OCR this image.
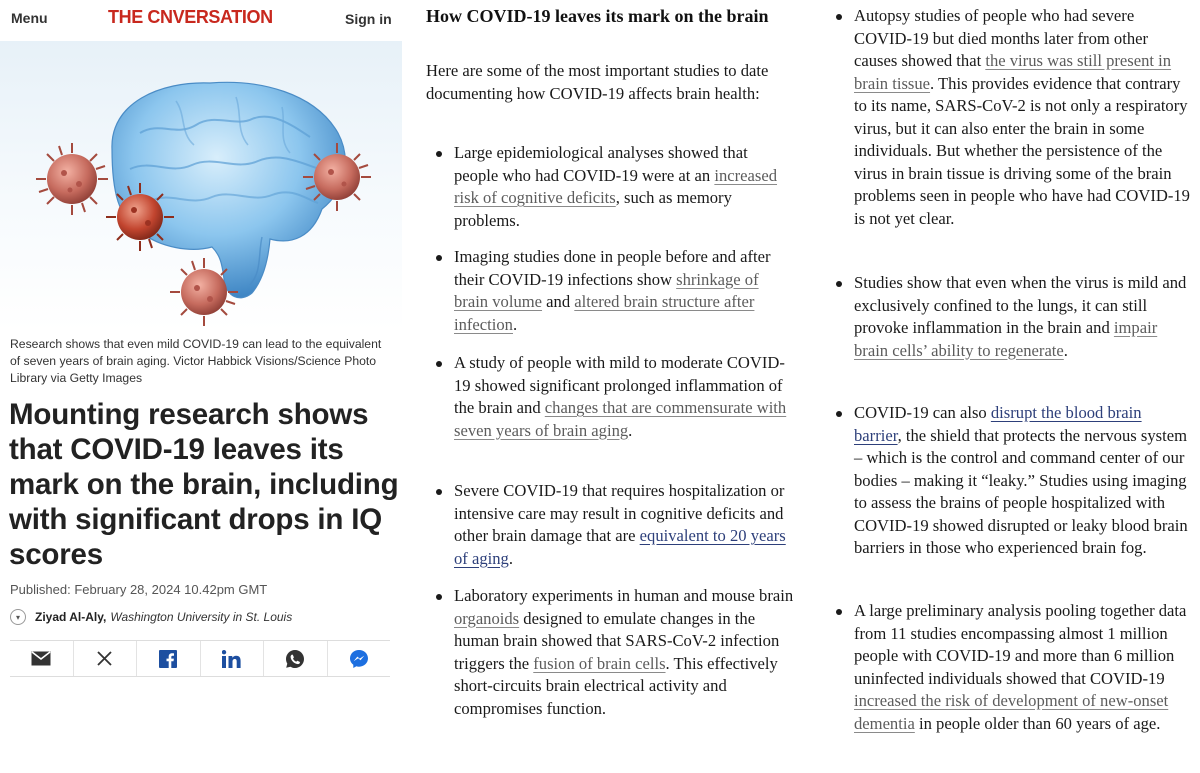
Menu	THE C NVERSATION	Sign in

Research shows that even mild COVID-19 can lead to the equivalent of seven years of brain aging. Victor Habbick Visions/Science Photo Library via Getty Images

Mounting research shows that COVID-19 leaves its mark on the brain, including with significant drops in IQ scores
Published: February 28, 2024 10.42pm GMT
▾	Ziyad Al-Aly, Washington University in St. Louis
How COVID-19 leaves its mark on the brain

Here are some of the most important studies to date documenting how COVID-19 affects brain health:

Large epidemiological analyses showed that people who had COVID-19 were at an increased risk of cognitive deficits, such as memory problems.
Imaging studies done in people before and after their COVID-19 infections show shrinkage of brain volume and altered brain structure after infection.
A study of people with mild to moderate COVID-19 showed significant prolonged inflammation of the brain and changes that are commensurate with seven years of brain aging.
Severe COVID-19 that requires hospitalization or intensive care may result in cognitive deficits and other brain damage that are equivalent to 20 years of aging.
Laboratory experiments in human and mouse brain organoids designed to emulate changes in the human brain showed that SARS-CoV-2 infection triggers the fusion of brain cells. This effectively short-circuits brain electrical activity and compromises function.
Autopsy studies of people who had severe COVID-19 but died months later from other causes showed that the virus was still present in brain tissue. This provides evidence that contrary to its name, SARS-CoV-2 is not only a respiratory virus, but it can also enter the brain in some individuals. But whether the persistence of the virus in brain tissue is driving some of the brain problems seen in people who have had COVID-19 is not yet clear.
Studies show that even when the virus is mild and exclusively confined to the lungs, it can still provoke inflammation in the brain and impair brain cells’ ability to regenerate.
COVID-19 can also disrupt the blood brain barrier, the shield that protects the nervous system – which is the control and command center of our bodies – making it “leaky.” Studies using imaging to assess the brains of people hospitalized with COVID-19 showed disrupted or leaky blood brain barriers in those who experienced brain fog.
A large preliminary analysis pooling together data from 11 studies encompassing almost 1 million people with COVID-19 and more than 6 million uninfected individuals showed that COVID-19 increased the risk of development of new-onset dementia in people older than 60 years of age.
